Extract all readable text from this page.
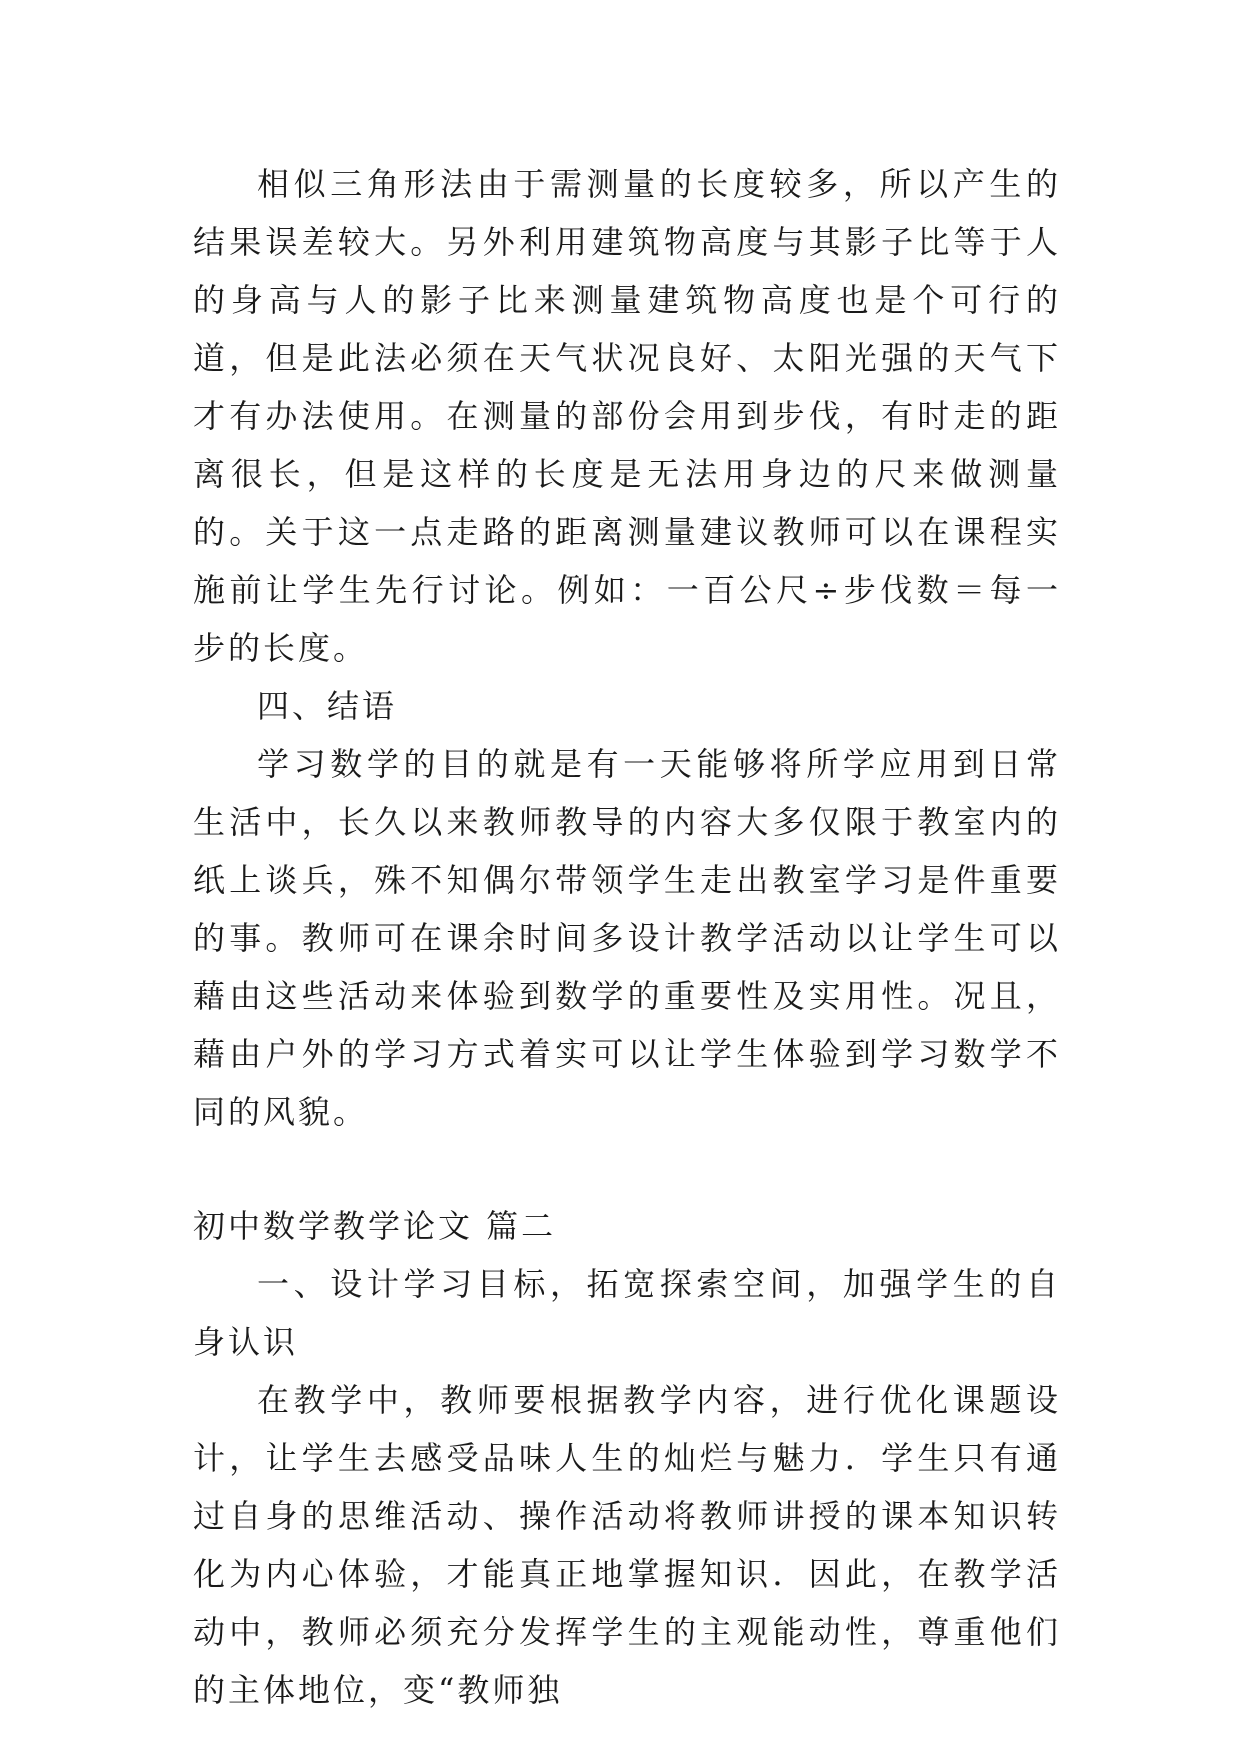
相似三角形法由于需测量的长度较多，所以产生的结果误差较大。另外利用建筑物高度与其影子比等于人的身高与人的影子比来测量建筑物高度也是个可行的道，但是此法必须在天气状况良好、太阳光强的天气下才有办法使用。在测量的部份会用到步伐，有时走的距离很长，但是这样的长度是无法用身边的尺来做测量的。关于这一点走路的距离测量建议教师可以在课程实施前让学生先行讨论。例如：一百公尺÷步伐数＝每一步的长度。

四、结语

学习数学的目的就是有一天能够将所学应用到日常生活中，长久以来教师教导的内容大多仅限于教室内的纸上谈兵，殊不知偶尔带领学生走出教室学习是件重要的事。教师可在课余时间多设计教学活动以让学生可以藉由这些活动来体验到数学的重要性及实用性。况且，藉由户外的学习方式着实可以让学生体验到学习数学不同的风貌。

初中数学教学论文 篇二

一、设计学习目标，拓宽探索空间，加强学生的自身认识

在教学中，教师要根据教学内容，进行优化课题设计，让学生去感受品味人生的灿烂与魅力．学生只有通过自身的思维活动、操作活动将教师讲授的课本知识转化为内心体验，才能真正地掌握知识．因此，在教学活动中，教师必须充分发挥学生的主观能动性，尊重他们的主体地位，变“教师独
